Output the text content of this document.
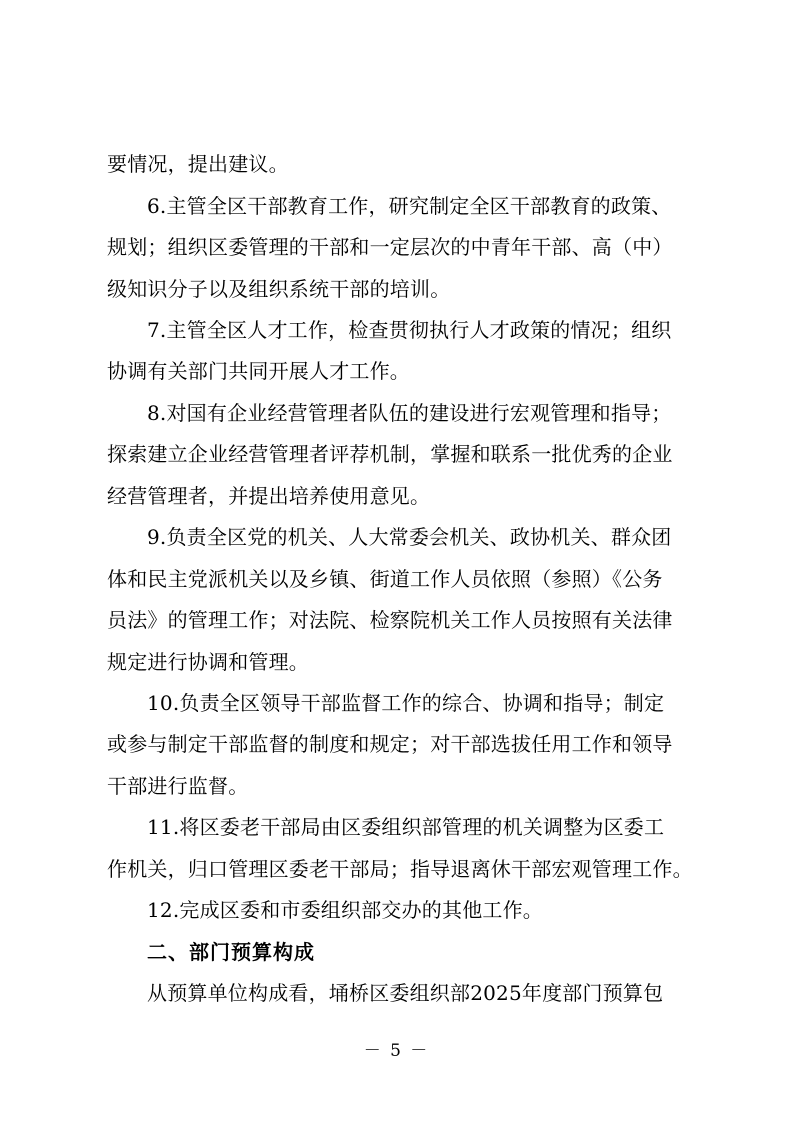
要情况，提出建议。
6.主管全区干部教育工作，研究制定全区干部教育的政策、
规划；组织区委管理的干部和一定层次的中青年干部、高（中）
级知识分子以及组织系统干部的培训。
7.主管全区人才工作，检查贯彻执行人才政策的情况；组织
协调有关部门共同开展人才工作。
8.对国有企业经营管理者队伍的建设进行宏观管理和指导；
探索建立企业经营管理者评荐机制，掌握和联系一批优秀的企业
经营管理者，并提出培养使用意见。
9.负责全区党的机关、人大常委会机关、政协机关、群众团
体和民主党派机关以及乡镇、街道工作人员依照（参照）《公务
员法》的管理工作；对法院、检察院机关工作人员按照有关法律
规定进行协调和管理。
10.负责全区领导干部监督工作的综合、协调和指导；制定
或参与制定干部监督的制度和规定；对干部选拔任用工作和领导
干部进行监督。
11.将区委老干部局由区委组织部管理的机关调整为区委工
作机关，归口管理区委老干部局；指导退离休干部宏观管理工作。
12.完成区委和市委组织部交办的其他工作。
二、部门预算构成
从预算单位构成看，埇桥区委组织部2025年度部门预算包
－ 5 －
